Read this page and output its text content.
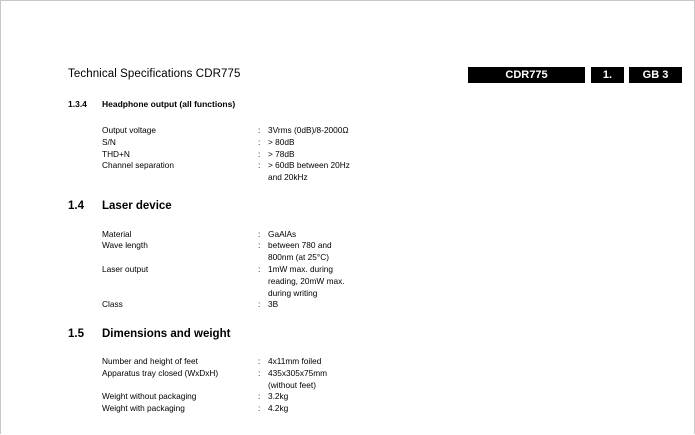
Technical Specifications CDR775	CDR775	1.	GB 3
1.3.4 Headphone output (all functions)
Output voltage	: 3Vrms (0dB)/8-2000Ω
S/N	: > 80dB
THD+N	: > 78dB
Channel separation	: > 60dB between 20Hz
and 20kHz
1.4 Laser device
Material	: GaAlAs
Wave length	: between 780 and
800nm (at 25°C)
Laser output	: 1mW max. during
reading, 20mW max.
during writing
Class	: 3B
1.5 Dimensions and weight
Number and height of feet	: 4x11mm foiled
Apparatus tray closed (WxDxH)	: 435x305x75mm
(without feet)
Weight without packaging	: 3.2kg
Weight with packaging	: 4.2kg
